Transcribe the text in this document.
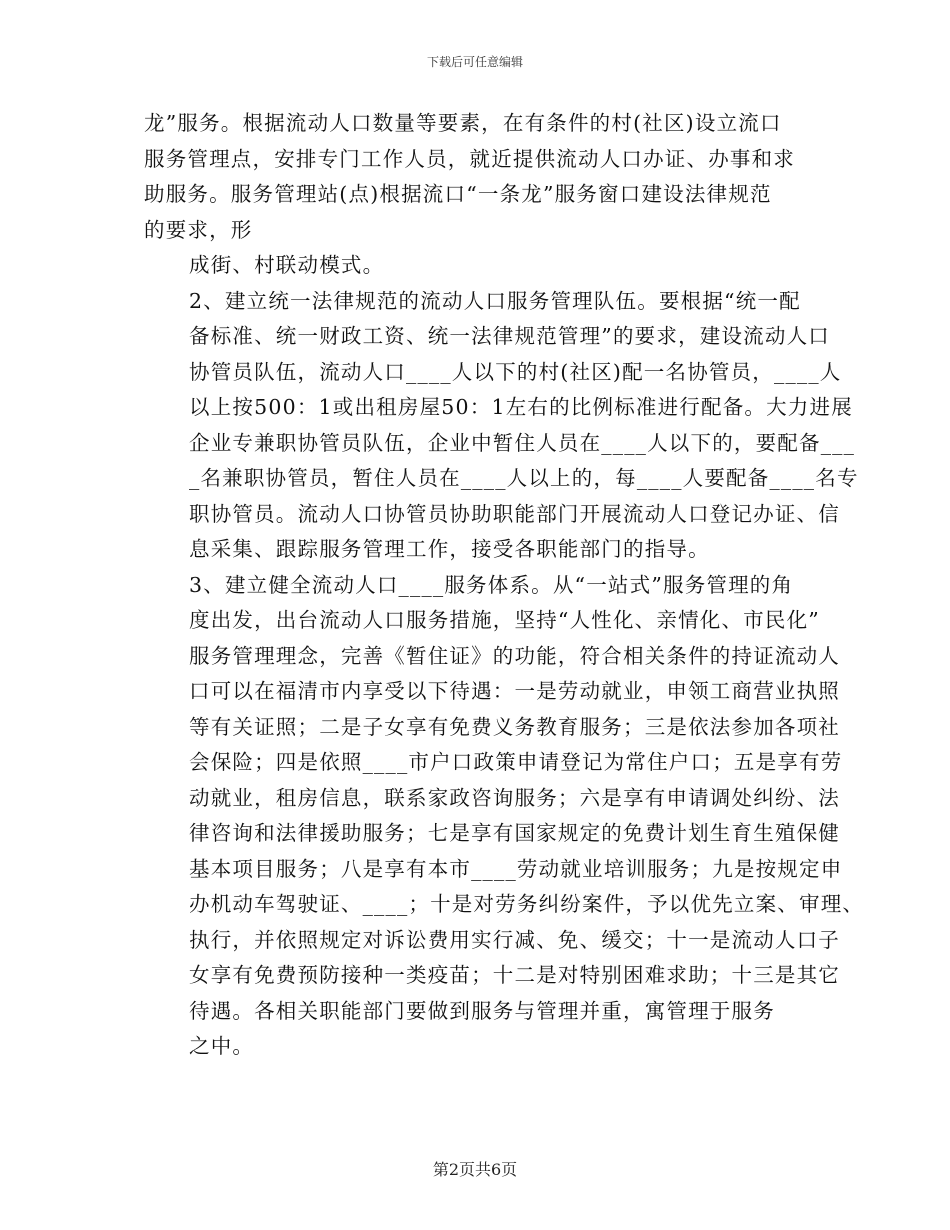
下载后可任意编辑

龙”服务。根据流动人口数量等要素，在有条件的村(社区)设立流口
服务管理点，安排专门工作人员，就近提供流动人口办证、办事和求
助服务。服务管理站(点)根据流口“一条龙”服务窗口建设法律规范
的要求，形

成街、村联动模式。

2、建立统一法律规范的流动人口服务管理队伍。要根据“统一配
备标准、统一财政工资、统一法律规范管理”的要求，建设流动人口
协管员队伍，流动人口____人以下的村(社区)配一名协管员，____人
以上按500：1或出租房屋50：1左右的比例标准进行配备。大力进展
企业专兼职协管员队伍，企业中暂住人员在____人以下的，要配备___
_名兼职协管员，暂住人员在____人以上的，每____人要配备____名专
职协管员。流动人口协管员协助职能部门开展流动人口登记办证、信
息采集、跟踪服务管理工作，接受各职能部门的指导。

3、建立健全流动人口____服务体系。从“一站式”服务管理的角
度出发，出台流动人口服务措施，坚持“人性化、亲情化、市民化”
服务管理理念，完善《暂住证》的功能，符合相关条件的持证流动人
口可以在福清市内享受以下待遇：一是劳动就业，申领工商营业执照
等有关证照；二是子女享有免费义务教育服务；三是依法参加各项社
会保险；四是依照____市户口政策申请登记为常住户口；五是享有劳
动就业，租房信息，联系家政咨询服务；六是享有申请调处纠纷、法
律咨询和法律援助服务；七是享有国家规定的免费计划生育生殖保健
基本项目服务；八是享有本市____劳动就业培训服务；九是按规定申
办机动车驾驶证、____；十是对劳务纠纷案件，予以优先立案、审理、
执行，并依照规定对诉讼费用实行减、免、缓交；十一是流动人口子
女享有免费预防接种一类疫苗；十二是对特别困难求助；十三是其它
待遇。各相关职能部门要做到服务与管理并重，寓管理于服务

之中。

第2页共6页
